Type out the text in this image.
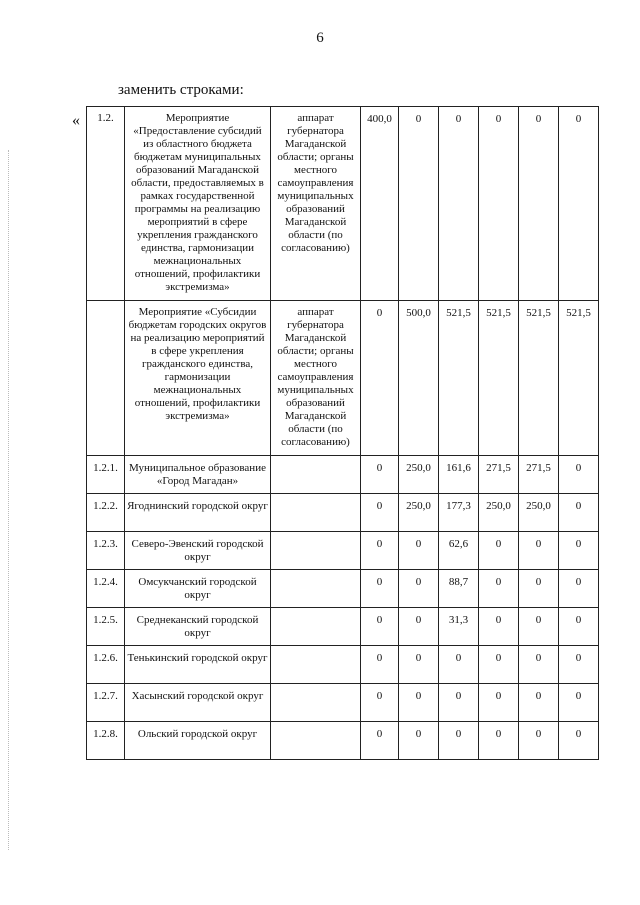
6
заменить строками:
« 1.2.	Мероприятие «Предоставление субсидий из областного бюджета бюджетам муниципальных образований Магаданской области, предоставляемых в рамках государственной программы на реализацию мероприятий в сфере укрепления гражданского единства, гармонизации межнациональных отношений, профилактики экстремизма»	аппарат губернатора Магаданской области; органы местного самоуправления муниципальных образований Магаданской области (по согласованию)	400,0	0	0	0	0	0
	Мероприятие «Субсидии бюджетам городских округов на реализацию мероприятий в сфере укрепления гражданского единства, гармонизации межнациональных отношений, профилактики экстремизма»	аппарат губернатора Магаданской области; органы местного самоуправления муниципальных образований Магаданской области (по согласованию)	0	500,0	521,5	521,5	521,5	521,5
1.2.1.	Муниципальное образование «Город Магадан»		0	250,0	161,6	271,5	271,5	0
1.2.2.	Ягоднинский городской округ		0	250,0	177,3	250,0	250,0	0
1.2.3.	Северо-Эвенский городской округ		0	0	62,6	0	0	0
1.2.4.	Омсукчанский городской округ		0	0	88,7	0	0	0
1.2.5.	Среднеканский городской округ		0	0	31,3	0	0	0
1.2.6.	Тенькинский городской округ		0	0	0	0	0	0
1.2.7.	Хасынский городской округ		0	0	0	0	0	0
1.2.8.	Ольский городской округ		0	0	0	0	0	0
